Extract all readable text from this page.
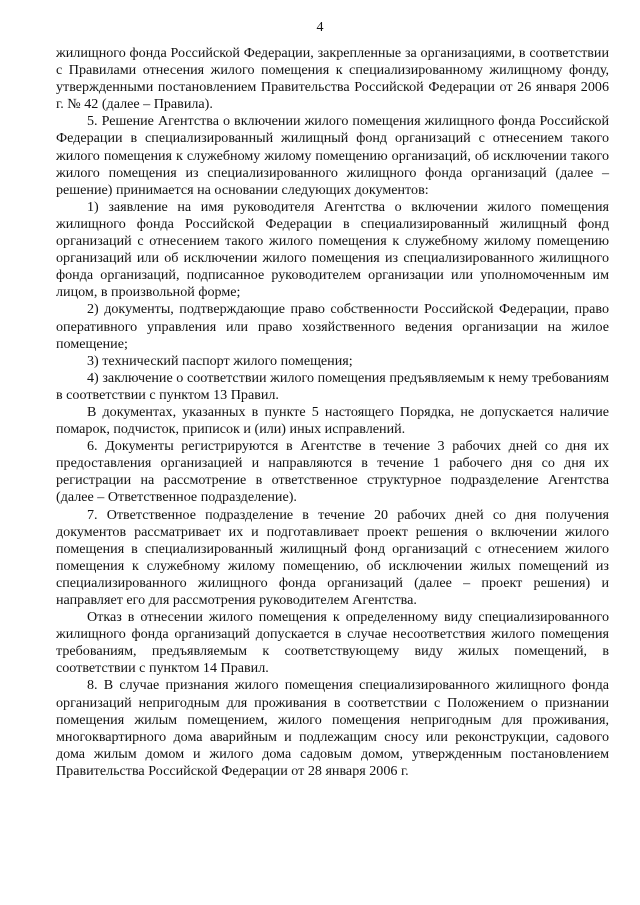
4

жилищного фонда Российской Федерации, закрепленные за организациями, в соответствии с Правилами отнесения жилого помещения к специализированному жилищному фонду, утвержденными постановлением Правительства Российской Федерации от 26 января 2006 г. № 42 (далее – Правила).

5. Решение Агентства о включении жилого помещения жилищного фонда Российской Федерации в специализированный жилищный фонд организаций с отнесением такого жилого помещения к служебному жилому помещению организаций, об исключении такого жилого помещения из специализированного жилищного фонда организаций (далее – решение) принимается на основании следующих документов:

1) заявление на имя руководителя Агентства о включении жилого помещения жилищного фонда Российской Федерации в специализированный жилищный фонд организаций с отнесением такого жилого помещения к служебному жилому помещению организаций или об исключении жилого помещения из специализированного жилищного фонда организаций, подписанное руководителем организации или уполномоченным им лицом, в произвольной форме;

2) документы, подтверждающие право собственности Российской Федерации, право оперативного управления или право хозяйственного ведения организации на жилое помещение;

3) технический паспорт жилого помещения;

4) заключение о соответствии жилого помещения предъявляемым к нему требованиям в соответствии с пунктом 13 Правил.

В документах, указанных в пункте 5 настоящего Порядка, не допускается наличие помарок, подчисток, приписок и (или) иных исправлений.

6. Документы регистрируются в Агентстве в течение 3 рабочих дней со дня их предоставления организацией и направляются в течение 1 рабочего дня со дня их регистрации на рассмотрение в ответственное структурное подразделение Агентства (далее – Ответственное подразделение).

7. Ответственное подразделение в течение 20 рабочих дней со дня получения документов рассматривает их и подготавливает проект решения о включении жилого помещения в специализированный жилищный фонд организаций с отнесением жилого помещения к служебному жилому помещению, об исключении жилых помещений из специализированного жилищного фонда организаций (далее – проект решения) и направляет его для рассмотрения руководителем Агентства.

Отказ в отнесении жилого помещения к определенному виду специализированного жилищного фонда организаций допускается в случае несоответствия жилого помещения требованиям, предъявляемым к соответствующему виду жилых помещений, в соответствии с пунктом 14 Правил.

8. В случае признания жилого помещения специализированного жилищного фонда организаций непригодным для проживания в соответствии с Положением о признании помещения жилым помещением, жилого помещения непригодным для проживания, многоквартирного дома аварийным и подлежащим сносу или реконструкции, садового дома жилым домом и жилого дома садовым домом, утвержденным постановлением Правительства Российской Федерации от 28 января 2006 г.
